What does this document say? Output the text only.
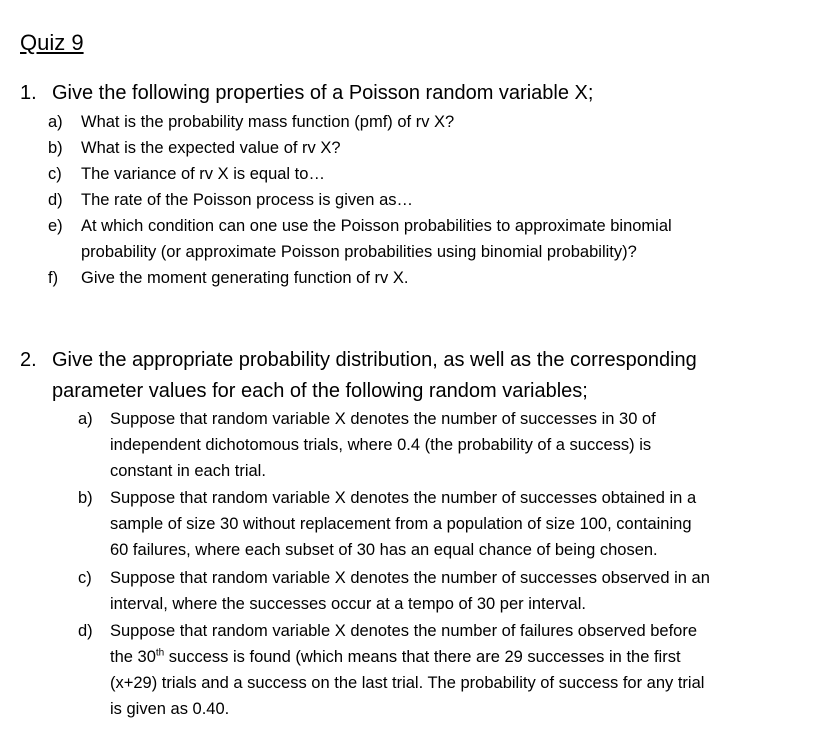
Quiz 9
1. Give the following properties of a Poisson random variable X;
a) What is the probability mass function (pmf) of rv X?
b) What is the expected value of rv X?
c) The variance of rv X is equal to…
d) The rate of the Poisson process is given as…
e) At which condition can one use the Poisson probabilities to approximate binomial
probability (or approximate Poisson probabilities using binomial probability)?
f) Give the moment generating function of rv X.
2. Give the appropriate probability distribution, as well as the corresponding
parameter values for each of the following random variables;
a) Suppose that random variable X denotes the number of successes in 30 of
independent dichotomous trials, where 0.4 (the probability of a success) is
constant in each trial.
b) Suppose that random variable X denotes the number of successes obtained in a
sample of size 30 without replacement from a population of size 100, containing
60 failures, where each subset of 30 has an equal chance of being chosen.
c) Suppose that random variable X denotes the number of successes observed in an
interval, where the successes occur at a tempo of 30 per interval.
d) Suppose that random variable X denotes the number of failures observed before
the 30th success is found (which means that there are 29 successes in the first
(x+29) trials and a success on the last trial. The probability of success for any trial
is given as 0.40.
